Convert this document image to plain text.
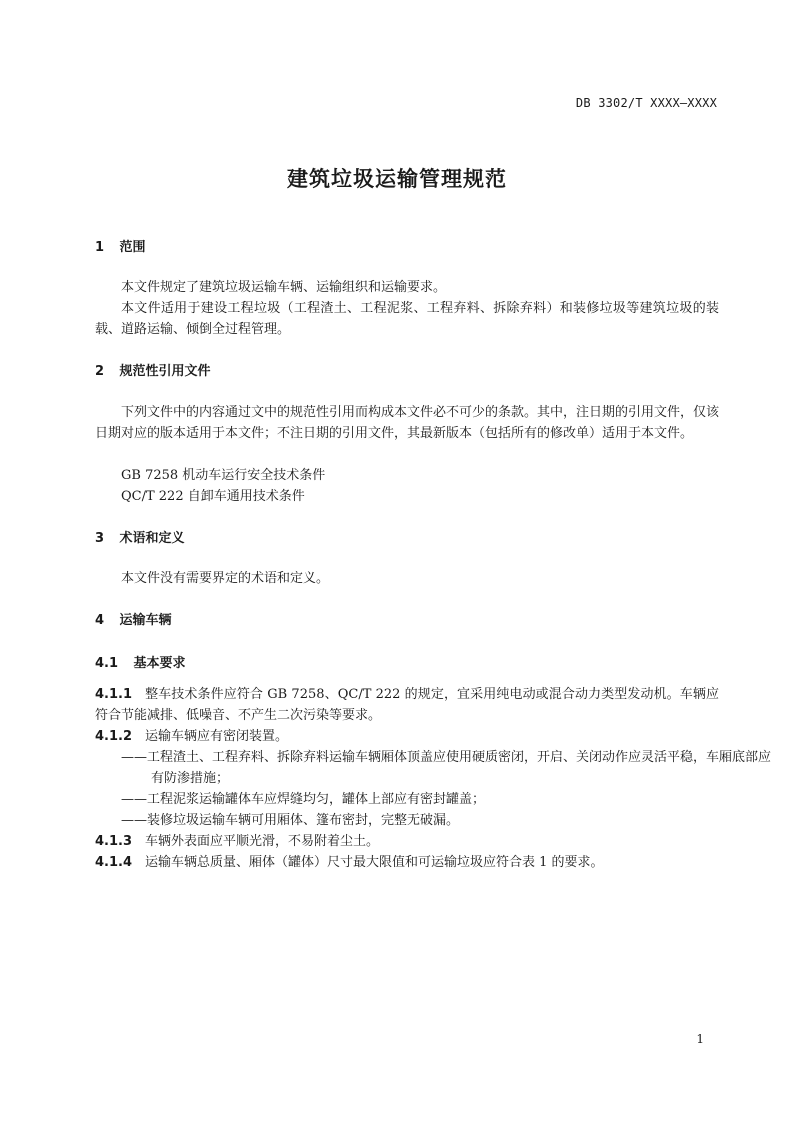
DB 3302/T XXXX—XXXX
建筑垃圾运输管理规范
1 范围

本文件规定了建筑垃圾运输车辆、运输组织和运输要求。

本文件适用于建设工程垃圾（工程渣土、工程泥浆、工程弃料、拆除弃料）和装修垃圾等建筑垃圾的装载、道路运输、倾倒全过程管理。

2 规范性引用文件

下列文件中的内容通过文中的规范性引用而构成本文件必不可少的条款。其中，注日期的引用文件，仅该日期对应的版本适用于本文件；不注日期的引用文件，其最新版本（包括所有的修改单）适用于本文件。

GB 7258 机动车运行安全技术条件
QC/T 222 自卸车通用技术条件
3 术语和定义

本文件没有需要界定的术语和定义。

4 运输车辆
4.1 基本要求

4.1.1 整车技术条件应符合 GB 7258、QC/T 222 的规定，宜采用纯电动或混合动力类型发动机。车辆应符合节能减排、低噪音、不产生二次污染等要求。

4.1.2 运输车辆应有密闭装置。

——工程渣土、工程弃料、拆除弃料运输车辆厢体顶盖应使用硬质密闭，开启、关闭动作应灵活平稳，车厢底部应有防渗措施；

——工程泥浆运输罐体车应焊缝均匀，罐体上部应有密封罐盖；

——装修垃圾运输车辆可用厢体、篷布密封，完整无破漏。

4.1.3 车辆外表面应平顺光滑，不易附着尘土。

4.1.4 运输车辆总质量、厢体（罐体）尺寸最大限值和可运输垃圾应符合表 1 的要求。

1
